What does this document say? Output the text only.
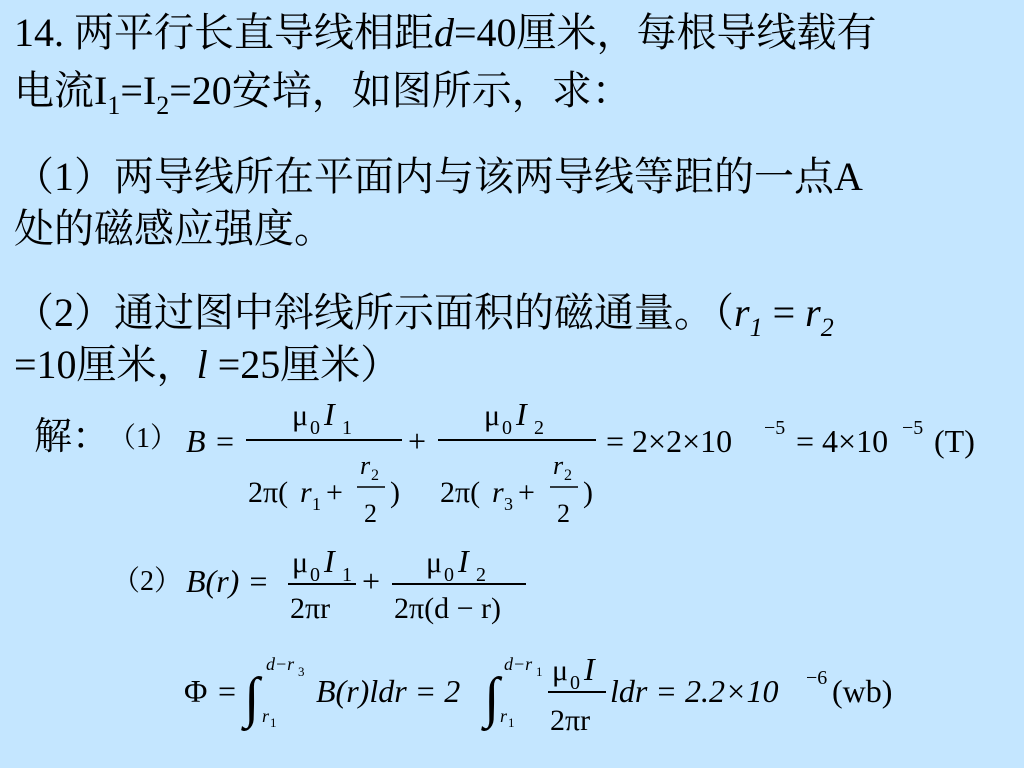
14. 两平行长直导线相距d=40厘米，每根导线载有
电流$I_1=I_2=20$安培，如图所示，求：
（1）两导线所在平面内与该两导线等距的一点A
处的磁感应强度。
（2）通过图中斜线所示面积的磁通量。（$r_1 = r_2$
=10厘米，l =25厘米）
解：
（1） B =
μ 0 I 1
2π( r 1 +
r 2
2
)
+
μ 0 I 2
2π( r 3 +
r 2
2
)
= 2×2×10 −5 = 4×10 −5 (T)
（2） B(r) =
μ 0 I 1
2πr
+
μ 0 I 2
2π(d − r)
Φ = ∫
d−r 3
r 1
B(r)ldr = 2 ∫
d−r 1
r 1
μ 0 I
2πr
ldr = 2.2×10 −6 (wb)
